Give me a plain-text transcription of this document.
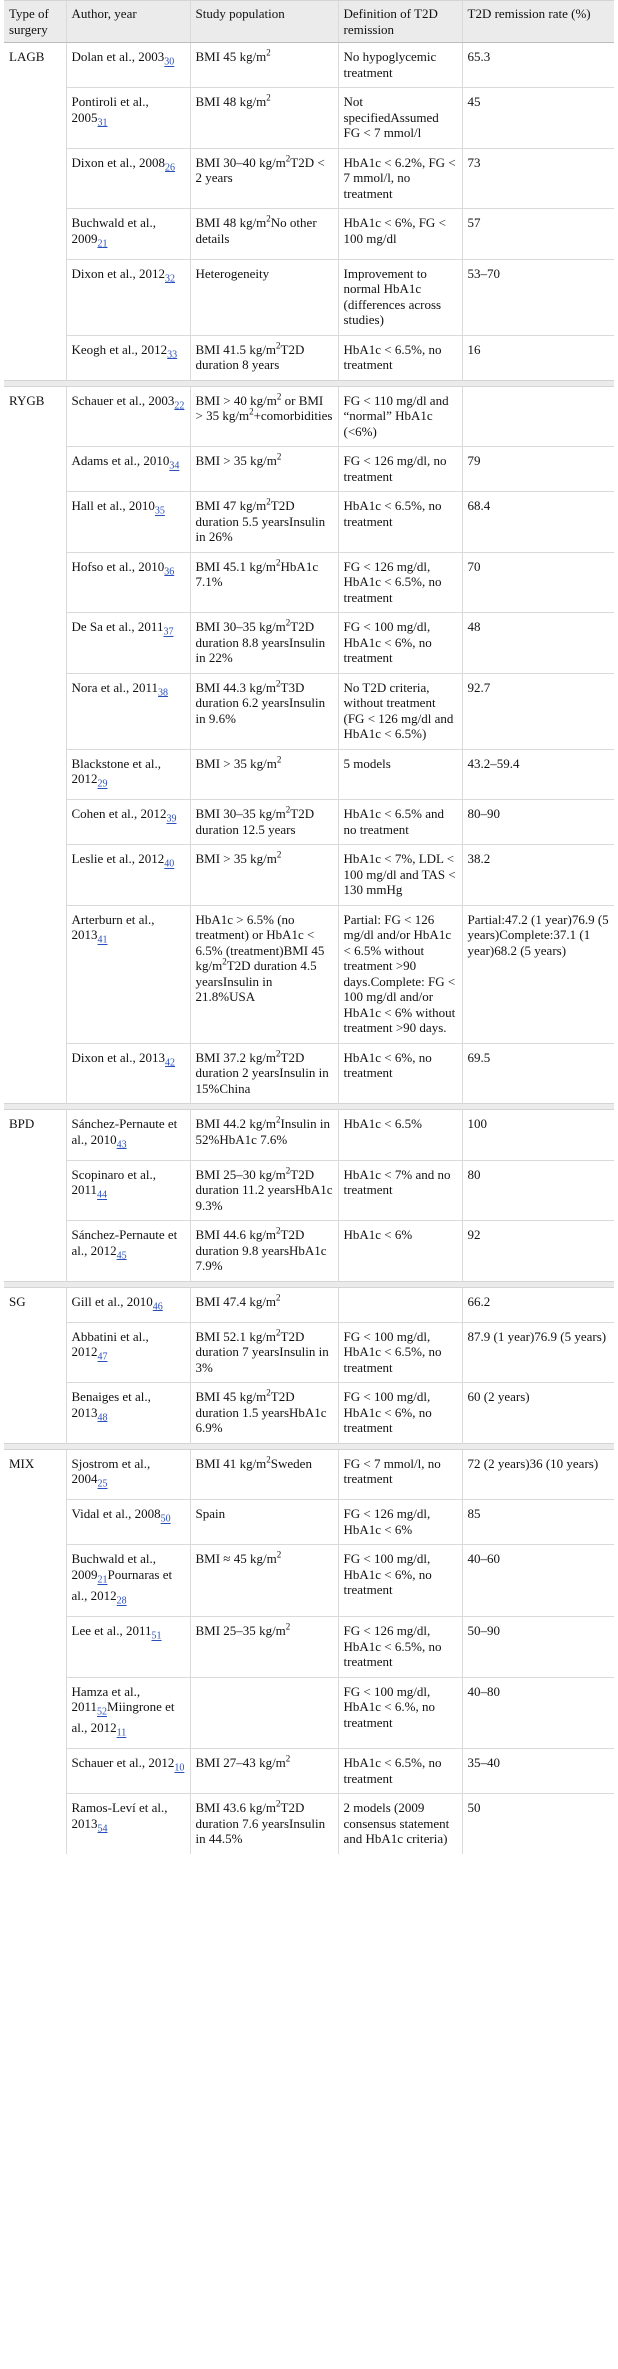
Type of surgery	Author, year	Study population	Definition of T2D remission	T2D remission rate (%)
LAGB	Dolan et al., $2003_{30}$	BMI 45 $kg/m^2$	No hypoglycemic treatment	65.3
	Pontiroli et al., $2005_{31}$	BMI 48 $kg/m^2$	Not specifiedAssumed FG < 7 mmol/l	45
	Dixon et al., $2008_{26}$	BMI 30–40 $kg/m^2T2D < 2$ years	HbA1c < 6.2%, FG < 7 mmol/l, no treatment	73
	Buchwald et al., $2009_{21}$	BMI 48 $kg/m^2No$ other details	HbA1c < 6%, FG < 100 mg/dl	57
	Dixon et al., $2012_{32}$	Heterogeneity	Improvement to normal HbA1c (differences across studies)	53–70
	Keogh et al., $2012_{33}$	BMI 41.5 $kg/m^2T2D$ duration 8 years	HbA1c < 6.5%, no treatment	16

RYGB	Schauer et al., $2003_{22}$	BMI > 40 $kg/m^2$ or BMI > 35 $kg/m^2+comorbidities$	FG < 110 mg/dl and “normal” HbA1c (<6%)	
	Adams et al., $2010_{34}$	BMI > 35 $kg/m^2$	FG < 126 mg/dl, no treatment	79
	Hall et al., $2010_{35}$	BMI 47 $kg/m^2T2D$ duration 5.5 yearsInsulin in 26%	HbA1c < 6.5%, no treatment	68.4
	Hofso et al., $2010_{36}$	BMI 45.1 $kg/m^2HbA1c$ 7.1%	FG < 126 mg/dl, HbA1c < 6.5%, no treatment	70
	De Sa et al., $2011_{37}$	BMI 30–35 $kg/m^2T2D$ duration 8.8 yearsInsulin in 22%	FG < 100 mg/dl, HbA1c < 6%, no treatment	48
	Nora et al., $2011_{38}$	BMI 44.3 $kg/m^2T3D$ duration 6.2 yearsInsulin in 9.6%	No T2D criteria, without treatment (FG < 126 mg/dl and HbA1c < 6.5%)	92.7
	Blackstone et al., $2012_{29}$	BMI > 35 $kg/m^2$	5 models	43.2–59.4
	Cohen et al., $2012_{39}$	BMI 30–35 $kg/m^2T2D$ duration 12.5 years	HbA1c < 6.5% and no treatment	80–90
	Leslie et al., $2012_{40}$	BMI > 35 $kg/m^2$	HbA1c < 7%, LDL < 100 mg/dl and TAS < 130 mmHg	38.2
	Arterburn et al., $2013_{41}$	HbA1c > 6.5% (no treatment) or HbA1c < 6.5% (treatment)BMI 45 $kg/m^2T2D$ duration 4.5 yearsInsulin in 21.8%USA	Partial: FG < 126 mg/dl and/or HbA1c < 6.5% without treatment >90 days.Complete: FG < 100 mg/dl and/or HbA1c < 6% without treatment >90 days.	Partial:47.2 (1 year)76.9 (5 years)Complete:37.1 (1 year)68.2 (5 years)
	Dixon et al., $2013_{42}$	BMI 37.2 $kg/m^2T2D$ duration 2 yearsInsulin in 15%China	HbA1c < 6%, no treatment	69.5

BPD	Sánchez-Pernaute et al., $2010_{43}$	BMI 44.2 $kg/m^2Insulin$ in 52%HbA1c 7.6%	HbA1c < 6.5%	100
	Scopinaro et al., $2011_{44}$	BMI 25–30 $kg/m^2T2D$ duration 11.2 yearsHbA1c 9.3%	HbA1c < 7% and no treatment	80
	Sánchez-Pernaute et al., $2012_{45}$	BMI 44.6 $kg/m^2T2D$ duration 9.8 yearsHbA1c 7.9%	HbA1c < 6%	92

SG	Gill et al., $2010_{46}$	BMI 47.4 $kg/m^2$		66.2
	Abbatini et al., $2012_{47}$	BMI 52.1 $kg/m^2T2D$ duration 7 yearsInsulin in 3%	FG < 100 mg/dl, HbA1c < 6.5%, no treatment	87.9 (1 year)76.9 (5 years)
	Benaiges et al., $2013_{48}$	BMI 45 $kg/m^2T2D$ duration 1.5 yearsHbA1c 6.9%	FG < 100 mg/dl, HbA1c < 6%, no treatment	60 (2 years)

MIX	Sjostrom et al., $2004_{25}$	BMI 41 $kg/m^2Sweden$	FG < 7 mmol/l, no treatment	72 (2 years)36 (10 years)
	Vidal et al., $2008_{50}$	Spain	FG < 126 mg/dl, HbA1c < 6%	85
	Buchwald et al., $2009_{21}Pournaras$ et al., $2012_{28}$	BMI ≈ 45 $kg/m^2$	FG < 100 mg/dl, HbA1c < 6%, no treatment	40–60
	Lee et al., $2011_{51}$	BMI 25–35 $kg/m^2$	FG < 126 mg/dl, HbA1c < 6.5%, no treatment	50–90
	Hamza et al., $2011_{52}Miingrone$ et al., $2012_{11}$		FG < 100 mg/dl, HbA1c < 6.%, no treatment	40–80
	Schauer et al., $2012_{10}$	BMI 27–43 $kg/m^2$	HbA1c < 6.5%, no treatment	35–40
	Ramos-Leví et al., $2013_{54}$	BMI 43.6 $kg/m^2T2D$ duration 7.6 yearsInsulin in 44.5%	2 models (2009 consensus statement and HbA1c criteria)	50
